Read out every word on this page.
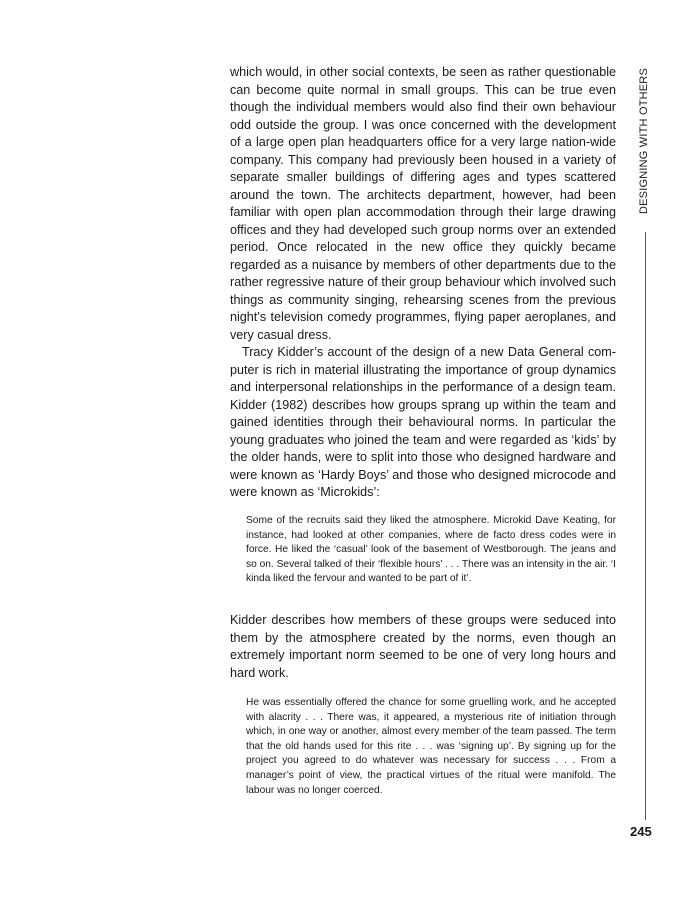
which would, in other social contexts, be seen as rather questionable can become quite normal in small groups. This can be true even though the individual members would also find their own behaviour odd outside the group. I was once concerned with the development of a large open plan headquarters office for a very large nation-wide company. This company had previously been housed in a variety of separate smaller buildings of differing ages and types scattered around the town. The architects department, however, had been familiar with open plan accommodation through their large drawing offices and they had developed such group norms over an extended period. Once relocated in the new office they quickly became regarded as a nuisance by members of other departments due to the rather regressive nature of their group behaviour which involved such things as community singing, rehearsing scenes from the previous night’s television comedy programmes, flying paper aeroplanes, and very casual dress.

Tracy Kidder’s account of the design of a new Data General computer is rich in material illustrating the importance of group dynamics and interpersonal relationships in the performance of a design team. Kidder (1982) describes how groups sprang up within the team and gained identities through their behavioural norms. In particular the young graduates who joined the team and were regarded as ‘kids’ by the older hands, were to split into those who designed hardware and were known as ‘Hardy Boys’ and those who designed microcode and were known as ‘Microkids’:

Some of the recruits said they liked the atmosphere. Microkid Dave Keating, for instance, had looked at other companies, where de facto dress codes were in force. He liked the ‘casual’ look of the basement of Westborough. The jeans and so on. Several talked of their ‘flexible hours’ . . . There was an intensity in the air. ‘I kinda liked the fervour and wanted to be part of it’.

Kidder describes how members of these groups were seduced into them by the atmosphere created by the norms, even though an extremely important norm seemed to be one of very long hours and hard work.

He was essentially offered the chance for some gruelling work, and he accepted with alacrity . . . There was, it appeared, a mysterious rite of initiation through which, in one way or another, almost every member of the team passed. The term that the old hands used for this rite . . . was ‘signing up’. By signing up for the project you agreed to do whatever was necessary for success . . . From a manager’s point of view, the practical virtues of the ritual were manifold. The labour was no longer coerced.

DESIGNING WITH OTHERS
245
